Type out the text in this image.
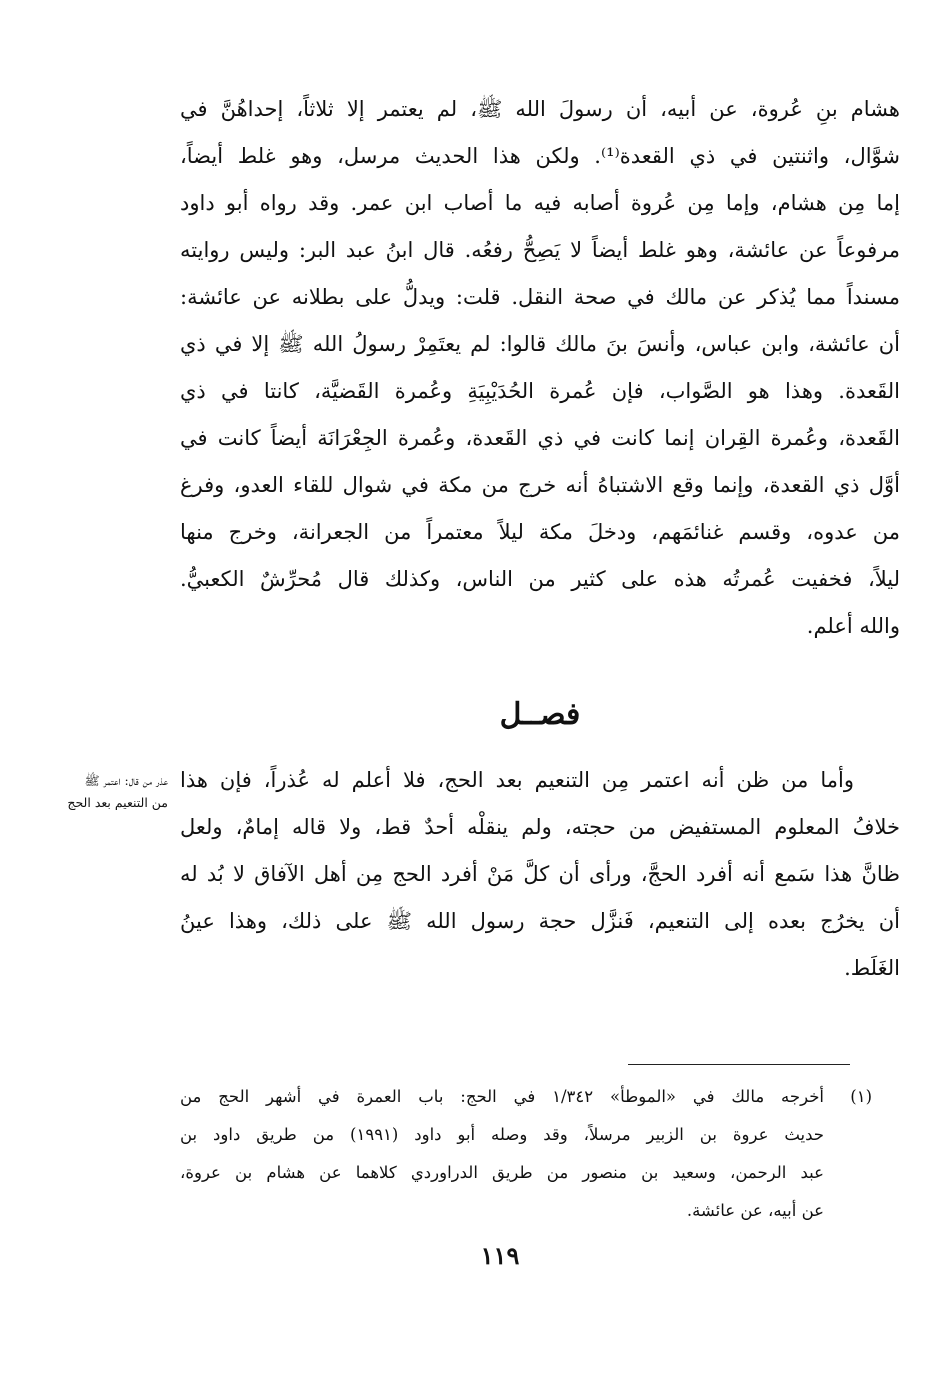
هشام بنِ عُروة، عن أبيه، أن رسولَ الله ﷺ، لم يعتمر إلا ثلاثاً، إحداهُنَّ في
شوَّال، واثنتين في ذي القعدة⁽¹⁾. ولكن هذا الحديث مرسل، وهو غلط أيضاً،
إما مِن هشام، وإما مِن عُروة أصابه فيه ما أصاب ابن عمر. وقد رواه أبو داود
مرفوعاً عن عائشة، وهو غلط أيضاً لا يَصِحُّ رفعُه. قال ابنُ عبد البر: وليس روايته
مسنداً مما يُذكر عن مالك في صحة النقل. قلت: ويدلُّ على بطلانه عن عائشة:
أن عائشة، وابن عباس، وأنسَ بنَ مالك قالوا: لم يعتَمِرْ رسولُ الله ﷺ إلا في ذي
القَعدة. وهذا هو الصَّواب، فإن عُمرة الحُدَيْبِيَةِ وعُمرة القَضيَّة، كانتا في ذي
القَعدة، وعُمرة القِران إنما كانت في ذي القَعدة، وعُمرة الجِعْرَانَة أيضاً كانت في
أوَّل ذي القعدة، وإنما وقع الاشتباهُ أنه خرج من مكة في شوال للقاء العدو، وفرغ
من عدوه، وقسم غنائمَهم، ودخلَ مكة ليلاً معتمراً من الجعرانة، وخرج منها
ليلاً، فخفيت عُمرتُه هذه على كثير من الناس، وكذلك قال مُحرِّشٌ الكعبيُّ.
والله أعلم.
فصــل
وأما من ظن أنه اعتمر مِن التنعيم بعد الحج، فلا أعلم له عُذراً، فإن هذا
خلافُ المعلوم المستفيض من حجته، ولم ينقلْه أحدٌ قط، ولا قاله إمامٌ، ولعل
ظانَّ هذا سَمع أنه أفرد الحجَّ، ورأى أن كلَّ مَنْ أفرد الحج مِن أهل الآفاق لا بُد له
أن يخرُج بعده إلى التنعيم، فَنزَّل حجة رسول الله ﷺ على ذلك، وهذا عينُ
الغَلَط.
عذر من قال: اعتمر ﷺ
من التنعيم بعد الحج
(١)
أخرجه مالك في «الموطأ» ١/٣٤٢ في الحج: باب العمرة في أشهر الحج من
حديث عروة بن الزبير مرسلاً، وقد وصله أبو داود (١٩٩١) من طريق داود بن
عبد الرحمن، وسعيد بن منصور من طريق الدراوردي كلاهما عن هشام بن عروة،
عن أبيه، عن عائشة.
١١٩
